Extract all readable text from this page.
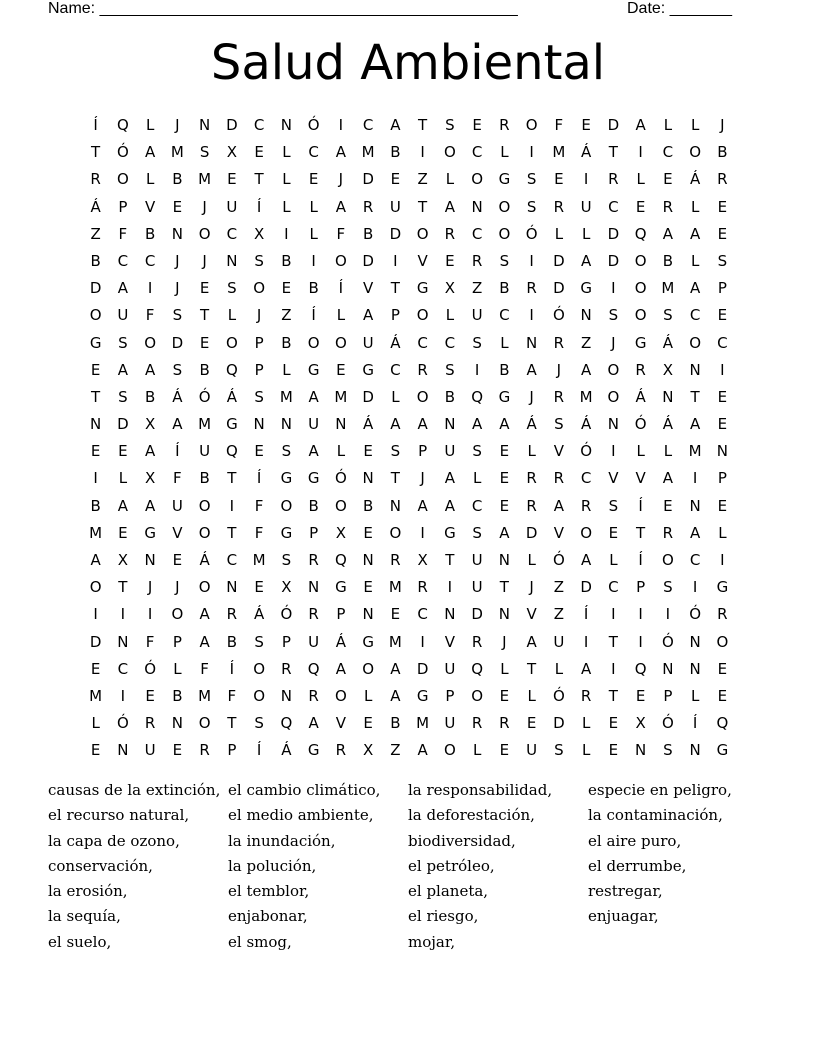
Name: _______________________________________________	Date: _______
Salud Ambiental
Í	Q	L	J	N	D	C	N	Ó	I	C	A	T	S	E	R	O	F	E	D	A	L	L	J
T	Ó	A	M	S	X	E	L	C	A	M	B	I	O	C	L	I	M	Á	T	I	C	O	B
R	O	L	B	M	E	T	L	E	J	D	E	Z	L	O	G	S	E	I	R	L	E	Á	R
Á	P	V	E	J	U	Í	L	L	A	R	U	T	A	N	O	S	R	U	C	E	R	L	E
Z	F	B	N	O	C	X	I	L	F	B	D	O	R	C	O	Ó	L	L	D	Q	A	A	E
B	C	C	J	J	N	S	B	I	O	D	I	V	E	R	S	I	D	A	D	O	B	L	S
D	A	I	J	E	S	O	E	B	Í	V	T	G	X	Z	B	R	D	G	I	O M	A	P
O	U	F	S	T	L	J	Z	Í	L	A	P	O	L	U	C	I	Ó	N	S	O	S	C	E
G	S	O	D	E	O	P	B	O	O	U	Á	C	C	S	L	N	R	Z	J	G	Á	O	C
E	A	A	S	B	Q	P	L	G	E	G	C	R	S	I	B	A	J	A	O	R	X	N	I
T	S	B	Á	Ó	Á	S	M	A	M	D	L	O	B	Q	G	J	R	M O	Á	N	T	E
N	D	X	A	M G	N	N	U	N	Á	A	A	N	A	A	Á	S	Á	N	Ó	Á	A	E
E	E	A	Í	U	Q	E	S	A	L	E	S	P	U	S	E	L	V	Ó	I	L	L	M	N
I	L	X	F	B	T	Í	G	G	Ó	N	T	J	A	L	E	R	R	C	V	V	A	I	P
B	A	A	U	O	I	F	O	B	O	B	N	A	A	C	E	R	A	R	S	Í	E	N	E
M	E	G	V	O	T	F	G	P	X	E	O	I	G	S	A	D	V	O	E	T	R	A	L
A	X	N	E	Á	C	M	S	R	Q	N	R	X	T	U	N	L	Ó	A	L	Í	O	C	I
O	T	J	J	O	N	E	X	N	G	E	M	R	I	U	T	J	Z	D	C	P	S	I	G
I	I	I	O	A	R	Á	Ó	R	P	N	E	C	N	D	N	V	Z	Í	I	I	I	Ó	R
D	N	F	P	A	B	S	P	U	Á	G M	I	V	R	J	A	U	I	T	I	Ó	N	O
E	C	Ó	L	F	Í	O	R	Q	A	O	A	D	U	Q	L	T	L	A	I	Q	N	N	E
M	I	E	B	M	F	O	N	R	O	L	A	G	P	O	E	L	Ó	R	T	E	P	L	E
L	Ó	R	N	O	T	S	Q	A	V	E	B	M	U	R	R	E	D	L	E	X	Ó	Í	Q
E	N	U	E	R	P	Í	Á	G	R	X	Z	A	O	L	E	U	S	L	E	N	S	N	G
causas de la extinción,
el recurso natural,
la capa de ozono,
conservación,
la erosión,
la sequía,
el suelo,
el cambio climático,
el medio ambiente,
la inundación,
la polución,
el temblor,
enjabonar,
el smog,
la responsabilidad,
la deforestación,
biodiversidad,
el petróleo,
el planeta,
el riesgo,
mojar,
especie en peligro,
la contaminación,
el aire puro,
el derrumbe,
restregar,
enjuagar,
